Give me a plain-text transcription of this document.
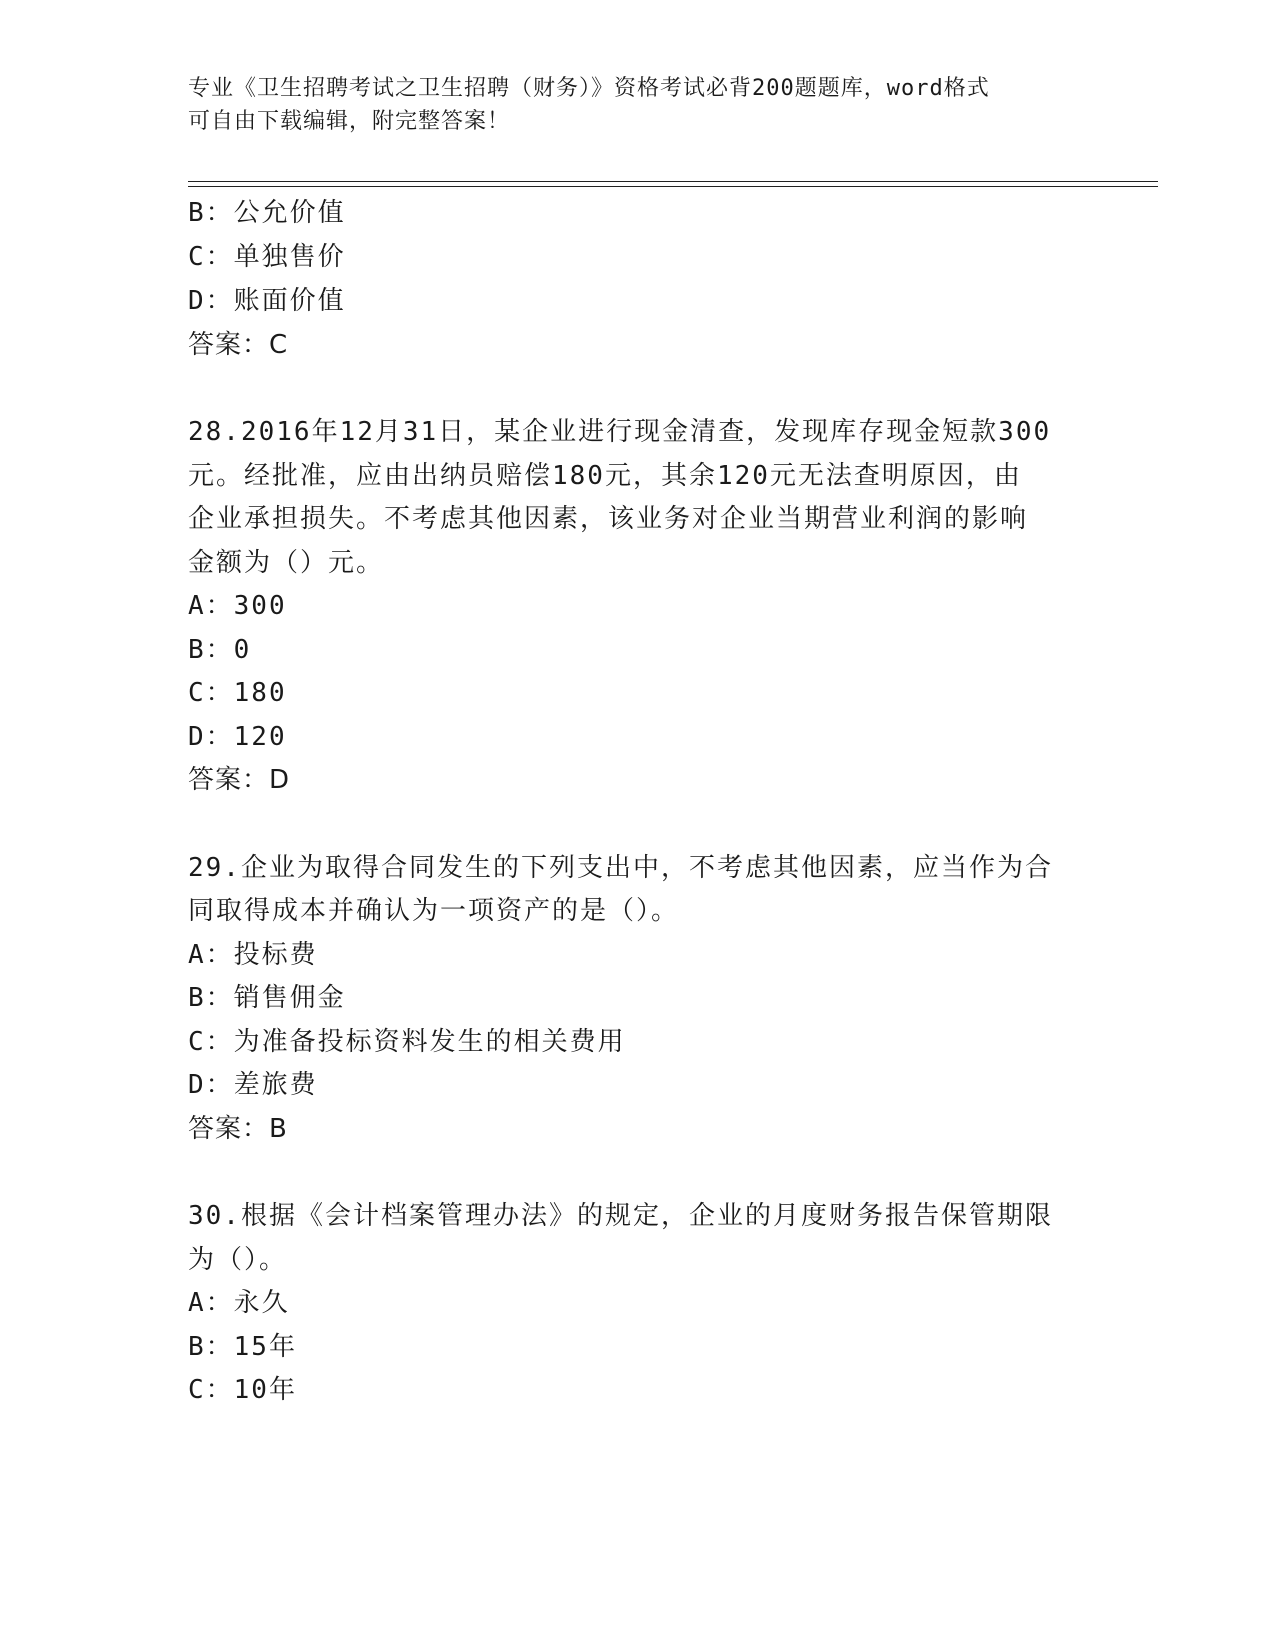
专业《卫生招聘考试之卫生招聘（财务）》资格考试必背200题题库，word格式
可自由下载编辑，附完整答案！
B：公允价值
C：单独售价
D：账面价值
答案：C
28.2016年12月31日，某企业进行现金清查，发现库存现金短款300
元。经批准，应由出纳员赔偿180元，其余120元无法查明原因，由
企业承担损失。不考虑其他因素，该业务对企业当期营业利润的影响
金额为（）元。
A：300
B：0
C：180
D：120
答案：D
29.企业为取得合同发生的下列支出中，不考虑其他因素，应当作为合
同取得成本并确认为一项资产的是（）。
A：投标费
B：销售佣金
C：为准备投标资料发生的相关费用
D：差旅费
答案：B
30.根据《会计档案管理办法》的规定，企业的月度财务报告保管期限
为（）。
A：永久
B：15年
C：10年
